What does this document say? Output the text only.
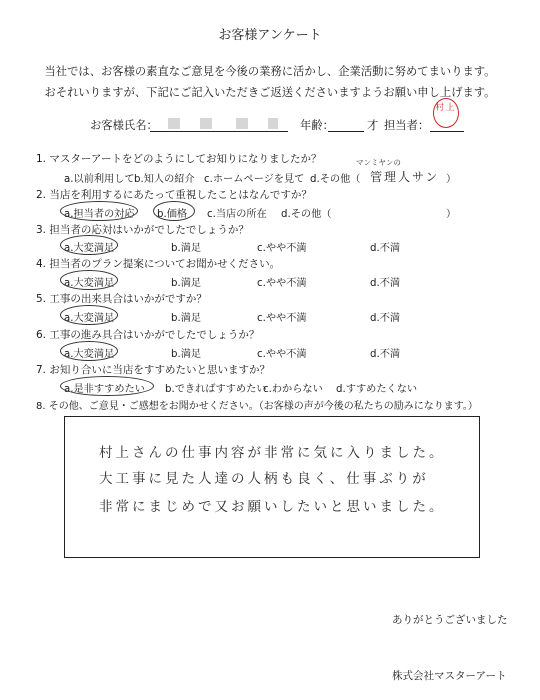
お客様アンケート
当社では、お客様の素直なご意見を今後の業務に活かし、企業活動に努めてまいります。
おそれいりますが、下記にご記入いただきご返送くださいますようお願い申し上げます。
お客様氏名：	年齢：	才 担当者：
村上
1. マスターアートをどのようにしてお知りになりましたか？
a.以前利用して b.知人の紹介 c.ホームページを見て d.その他（	）
マンミヤンの
管理人サン
2. 当店を利用するにあたって重視したことはなんですか？
a.担当者の対応 b.価格 c.当店の所在 d.その他（	）
3. 担当者の応対はいかがでしたでしょうか？
a.大変満足	b.満足	c.やや不満	d.不満
4. 担当者のプラン提案についてお聞かせください。
a.大変満足	b.満足	c.やや不満	d.不満
5. 工事の出来具合はいかがですか？
a.大変満足	b.満足	c.やや不満	d.不満
6. 工事の進み具合はいかがでしたでしょうか？
a.大変満足	b.満足	c.やや不満	d.不満
7. お知り合いに当店をすすめたいと思いますか？
a.是非すすめたい b.できればすすめたい
c.わからない d.すすめたくない
8. その他、ご意見・ご感想をお聞かせください。（お客様の声が今後の私たちの励みになります。）
村上さんの仕事内容が非常に気に入りました。
大工事に見た人達の人柄も良く、仕事ぶりが
非常にまじめで又お願いしたいと思いました。
ありがとうございました
株式会社マスターアート
